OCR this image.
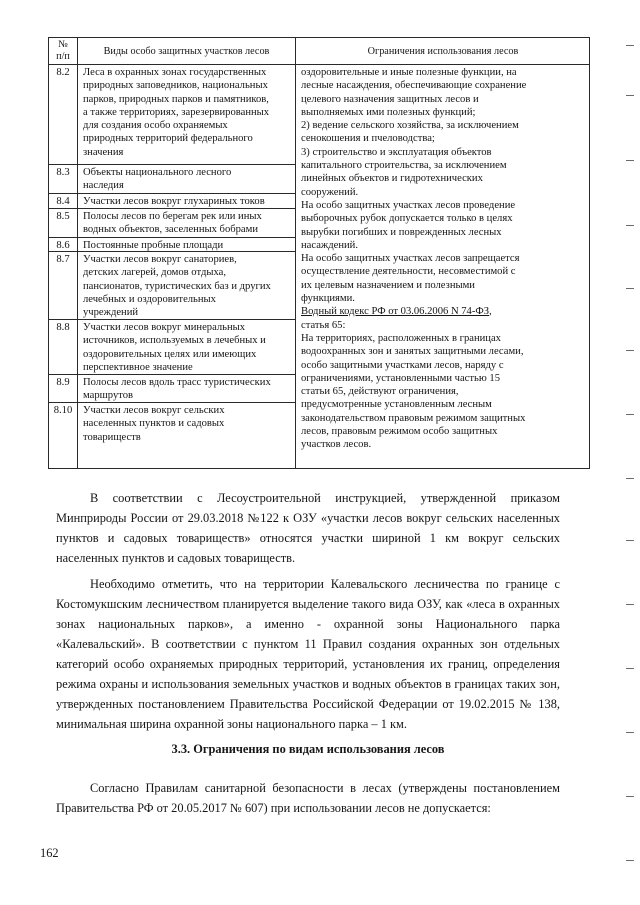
№
п/п	Виды особо защитных участков лесов	Ограничения использования лесов
8.2
8.3
8.4
8.5
8.6
8.7
8.8
8.9
8.10
Леса в охранных зонах государственных
природных заповедников, национальных
парков, природных парков и памятников,
а также территориях, зарезервированных
для создания особо охраняемых
природных территорий федерального
значения
Объекты национального лесного
наследия
Участки лесов вокруг глухариных токов
Полосы лесов по берегам рек или иных
водных объектов, заселенных бобрами
Постоянные пробные площади
Участки лесов вокруг санаториев,
детских лагерей, домов отдыха,
пансионатов, туристических баз и других
лечебных и оздоровительных
учреждений
Участки лесов вокруг минеральных
источников, используемых в лечебных и
оздоровительных целях или имеющих
перспективное значение
Полосы лесов вдоль трасс туристических
маршрутов
Участки лесов вокруг сельских
населенных пунктов и садовых
товариществ
оздоровительные и иные полезные функции, на
лесные насаждения, обеспечивающие сохранение
целевого назначения защитных лесов и
выполняемых ими полезных функций;
2) ведение сельского хозяйства, за исключением
сенокошения и пчеловодства;
3) строительство и эксплуатация объектов
капитального строительства, за исключением
линейных объектов и гидротехнических
сооружений.
На особо защитных участках лесов проведение
выборочных рубок допускается только в целях
вырубки погибших и поврежденных лесных
насаждений.
На особо защитных участках лесов запрещается
осуществление деятельности, несовместимой с
их целевым назначением и полезными
функциями.
Водный кодекс РФ от 03.06.2006 N 74-ФЗ,
статья 65:
На территориях, расположенных в границах
водоохранных зон и занятых защитными лесами,
особо защитными участками лесов, наряду с
ограничениями, установленными частью 15
статьи 65, действуют ограничения,
предусмотренные установленным лесным
законодательством правовым режимом защитных
лесов, правовым режимом особо защитных
участков лесов.
В соответствии с Лесоустроительной инструкцией, утвержденной приказом Минприроды России от 29.03.2018 №122 к ОЗУ «участки лесов вокруг сельских населенных пунктов и садовых товариществ» относятся участки шириной 1 км вокруг сельских населенных пунктов и садовых товариществ.
Необходимо отметить, что на территории Калевальского лесничества по границе с Костомукшским лесничеством планируется выделение такого вида ОЗУ, как «леса в охранных зонах национальных парков», а именно - охранной зоны Национального парка «Калевальский». В соответствии с пунктом 11 Правил создания охранных зон отдельных категорий особо охраняемых природных территорий, установления их границ, определения режима охраны и использования земельных участков и водных объектов в границах таких зон, утвержденных постановлением Правительства Российской Федерации от 19.02.2015 № 138, минимальная ширина охранной зоны национального парка – 1 км.
3.3. Ограничения по видам использования лесов
Согласно Правилам санитарной безопасности в лесах (утверждены постановлением Правительства РФ от 20.05.2017 № 607) при использовании лесов не допускается:
162
